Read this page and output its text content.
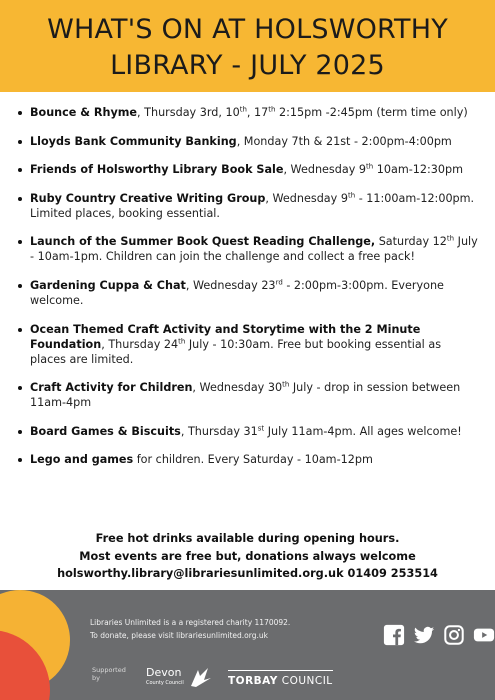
WHAT'S ON AT HOLSWORTHY
LIBRARY - JULY 2025
Bounce & Rhyme, Thursday 3rd, 10th, 17th 2:15pm -2:45pm (term time only)
Lloyds Bank Community Banking, Monday 7th & 21st - 2:00pm-4:00pm
Friends of Holsworthy Library Book Sale, Wednesday 9th 10am-12:30pm
Ruby Country Creative Writing Group, Wednesday 9th - 11:00am-12:00pm. Limited places, booking essential.
Launch of the Summer Book Quest Reading Challenge, Saturday 12th July - 10am-1pm. Children can join the challenge and collect a free pack!
Gardening Cuppa & Chat, Wednesday 23rd - 2:00pm-3:00pm. Everyone welcome.
Ocean Themed Craft Activity and Storytime with the 2 Minute Foundation, Thursday 24th July - 10:30am. Free but booking essential as places are limited.
Craft Activity for Children, Wednesday 30th July - drop in session between 11am-4pm
Board Games & Biscuits, Thursday 31st July 11am-4pm. All ages welcome!
Lego and games for children. Every Saturday - 10am-12pm
Free hot drinks available during opening hours.
Most events are free but, donations always welcome
holsworthy.library@librariesunlimited.org.uk 01409 253514
Libraries Unlimited is a a registered charity 1170092.
To donate, please visit librariesunlimited.org.uk
Supported by	Devon
County Council	TORBAY COUNCIL
